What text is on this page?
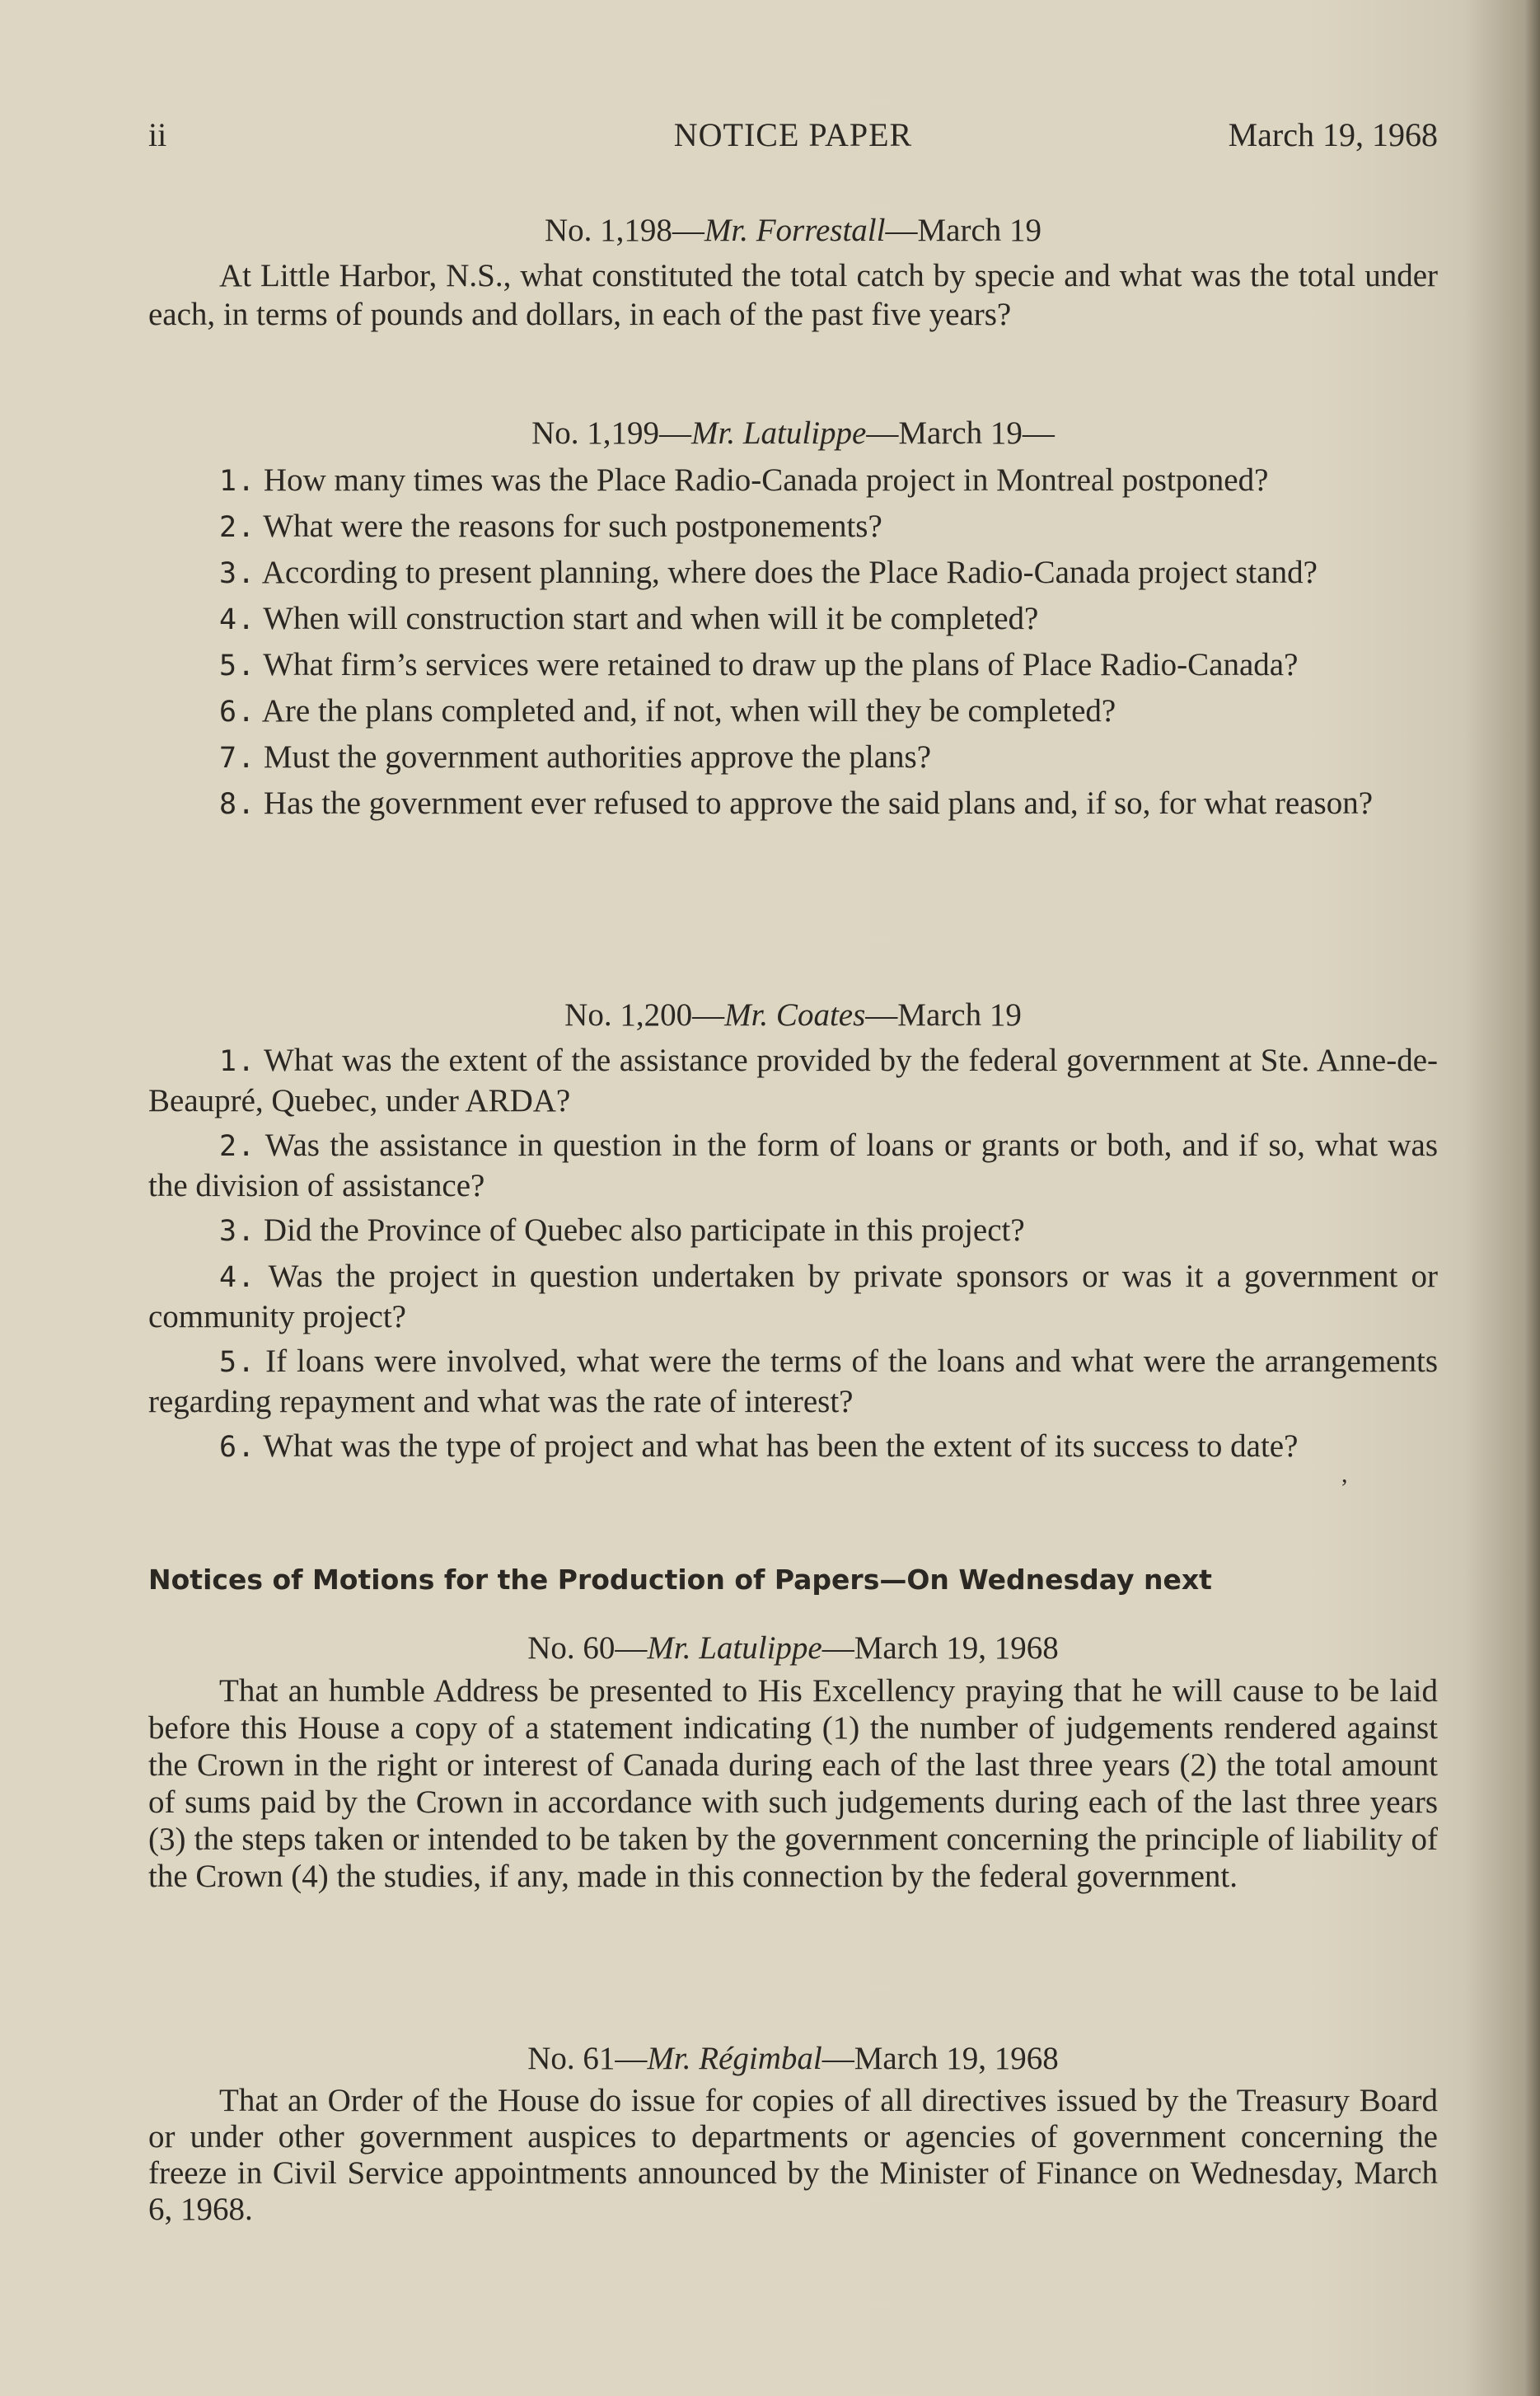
ii	NOTICE PAPER	March 19, 1968

No. 1,198—Mr. Forrestall—March 19

At Little Harbor, N.S., what constituted the total catch by specie and what was the total under each, in terms of pounds and dollars, in each of the past five years?

No. 1,199—Mr. Latulippe—March 19—

1. How many times was the Place Radio-Canada project in Montreal postponed?

2. What were the reasons for such postponements?

3. According to present planning, where does the Place Radio-Canada project stand?

4. When will construction start and when will it be completed?

5. What firm’s services were retained to draw up the plans of Place Radio-Canada?

6. Are the plans completed and, if not, when will they be completed?

7. Must the government authorities approve the plans?

8. Has the government ever refused to approve the said plans and, if so, for what reason?

No. 1,200—Mr. Coates—March 19

1. What was the extent of the assistance provided by the federal government at Ste. Anne-de-Beaupré, Quebec, under ARDA?

2. Was the assistance in question in the form of loans or grants or both, and if so, what was the division of assistance?

3. Did the Province of Quebec also participate in this project?

4. Was the project in question undertaken by private sponsors or was it a government or community project?

5. If loans were involved, what were the terms of the loans and what were the arrangements regarding repayment and what was the rate of interest?

6. What was the type of project and what has been the extent of its success to date?

,

Notices of Motions for the Production of Papers—On Wednesday next

No. 60—Mr. Latulippe—March 19, 1968

That an humble Address be presented to His Excellency praying that he will cause to be laid before this House a copy of a statement indicating (1) the number of judgements rendered against the Crown in the right or interest of Canada during each of the last three years (2) the total amount of sums paid by the Crown in accordance with such judgements during each of the last three years (3) the steps taken or intended to be taken by the government concerning the principle of liability of the Crown (4) the studies, if any, made in this connection by the federal government.

No. 61—Mr. Régimbal—March 19, 1968

That an Order of the House do issue for copies of all directives issued by the Treasury Board or under other government auspices to departments or agencies of government concerning the freeze in Civil Service appointments announced by the Minister of Finance on Wednesday, March 6, 1968.
